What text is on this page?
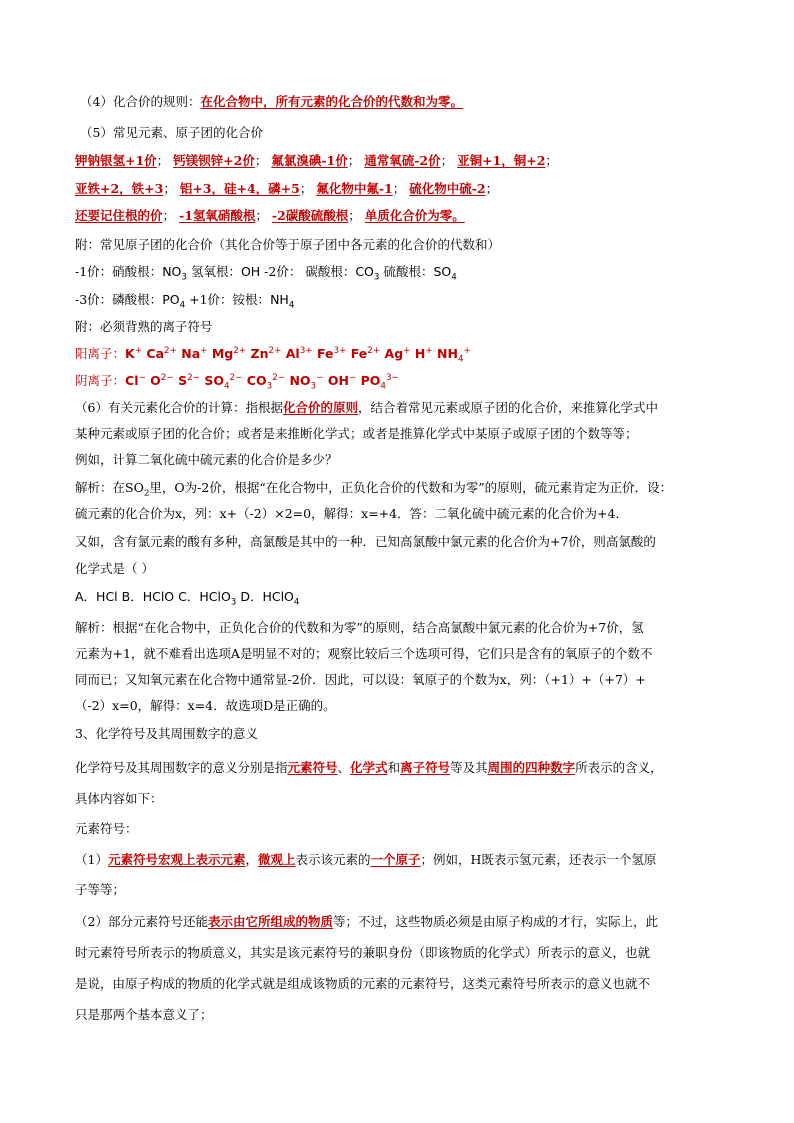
（4）化合价的规则：在化合物中，所有元素的化合价的代数和为零。
（5）常见元素、原子团的化合价
钾钠银氢+1价； 钙镁钡锌+2价； 氟氯溴碘-1价； 通常氧硫-2价； 亚铜+1，铜+2；
亚铁+2，铁+3； 铝+3，硅+4，磷+5； 氟化物中氟-1； 硫化物中硫-2；
还要记住根的价； -1氢氧硝酸根； -2碳酸硫酸根； 单质化合价为零。
附：常见原子团的化合价（其化合价等于原子团中各元素的化合价的代数和）
-1价：硝酸根：$NO_3$ 氢氧根：OH -2价： 碳酸根：$CO_3$ 硫酸根：$SO_4$
-3价：磷酸根：$PO_4 +1$价：铵根：$NH_4$
附：必须背熟的离子符号
阳离子：K+ $Ca^{2+}$ Na+ $Mg^{2+}$ $Zn^{2+}$ $Al^{3+}$ $Fe^{3+}$ $Fe^{2+}$ Ag+ H+ $NH_4^+$
阴离子：Cl− $O^{2-}$ $S^{2-}$ $SO_4^{2-}$ $CO_3^{2-}$ $NO_3^-$ OH− $PO_4^{3-}$
（6）有关元素化合价的计算：指根据化合价的原则，结合着常见元素或原子团的化合价，来推算化学式中
某种元素或原子团的化合价；或者是来推断化学式；或者是推算化学式中某原子或原子团的个数等等；
例如，计算二氧化硫中硫元素的化合价是多少？
解析：在$SO_2$里，O为-2价，根据“在化合物中，正负化合价的代数和为零”的原则，硫元素肯定为正价．设：
硫元素的化合价为x，列：x+（-2）×2=0，解得：x=+4．答：二氧化硫中硫元素的化合价为+4．
又如，含有氯元素的酸有多种，高氯酸是其中的一种．已知高氯酸中氯元素的化合价为+7价，则高氯酸的
化学式是（ ）
A．HCl B．HClO C．HClO$_3$ D．HClO$_4$
解析：根据“在化合物中，正负化合价的代数和为零”的原则，结合高氯酸中氯元素的化合价为+7价，氢
元素为+1，就不难看出选项A是明显不对的；观察比较后三个选项可得，它们只是含有的氧原子的个数不
同而已；又知氧元素在化合物中通常显-2价．因此，可以设：氧原子的个数为x，列：（+1）+（+7）+
（-2）x=0，解得：x=4．故选项D是正确的。
3、化学符号及其周围数字的意义
化学符号及其周围数字的意义分别是指元素符号、化学式和离子符号等及其周围的四种数字所表示的含义，
具体内容如下：
元素符号：
（1）元素符号宏观上表示元素，微观上表示该元素的一个原子；例如，H既表示氢元素，还表示一个氢原
子等等；
（2）部分元素符号还能表示由它所组成的物质等；不过，这些物质必须是由原子构成的才行，实际上，此
时元素符号所表示的物质意义，其实是该元素符号的兼职身份（即该物质的化学式）所表示的意义，也就
是说，由原子构成的物质的化学式就是组成该物质的元素的元素符号，这类元素符号所表示的意义也就不
只是那两个基本意义了；
